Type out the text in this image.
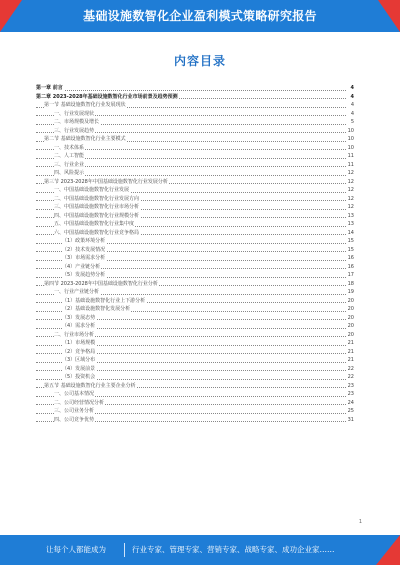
基础设施数智化企业盈利模式策略研究报告
内容目录
第一章 前言	4
第二章 2023-2028年基础设施数智化行业市场前景及趋势预测	4
第一节 基础设施数智化行业发展现状	4
一、行业发展现状	4
二、市场规模及增长	5
三、行业发展趋势	10
第二节 基础设施数智化行业主要模式	10
一、技术体系	10
二、人工智能	11
三、行业企业	11
四、风险提示	12
第三节 2023-2028年中国基础设施数智化行业发展分析	12
一、中国基础设施数智化行业发展	12
二、中国基础设施数智化行业发展方向	12
三、中国基础设施数智化行业市场分析	12
四、中国基础设施数智化行业规模分析	13
五、中国基础设施数智化行业集中度	13
六、中国基础设施数智化行业竞争格局	14
（1）政策环境分析	15
（2）技术发展情况	15
（3）市场需求分析	16
（4）产业链分析	16
（5）发展趋势分析	17
第四节 2023-2028年中国基础设施数智化行业分析	18
一、行业产业链分析	19
（1）基础设施数智化行业上下游分析	20
（2）基础设施数智化发展分析	20
（3）发展态势	20
（4）需求分析	20
二、行业市场分析	20
（1）市场规模	21
（2）竞争格局	21
（3）区域分布	21
（4）发展前景	22
（5）投资机会	22
第五节 基础设施数智化行业主要企业分析	23
一、公司基本情况	23
二、公司经营情况分析	24
三、公司业务分析	25
四、公司竞争优势	31
1
让每个人都能成为	行业专家、管理专家、营销专家、战略专家、成功企业家……
